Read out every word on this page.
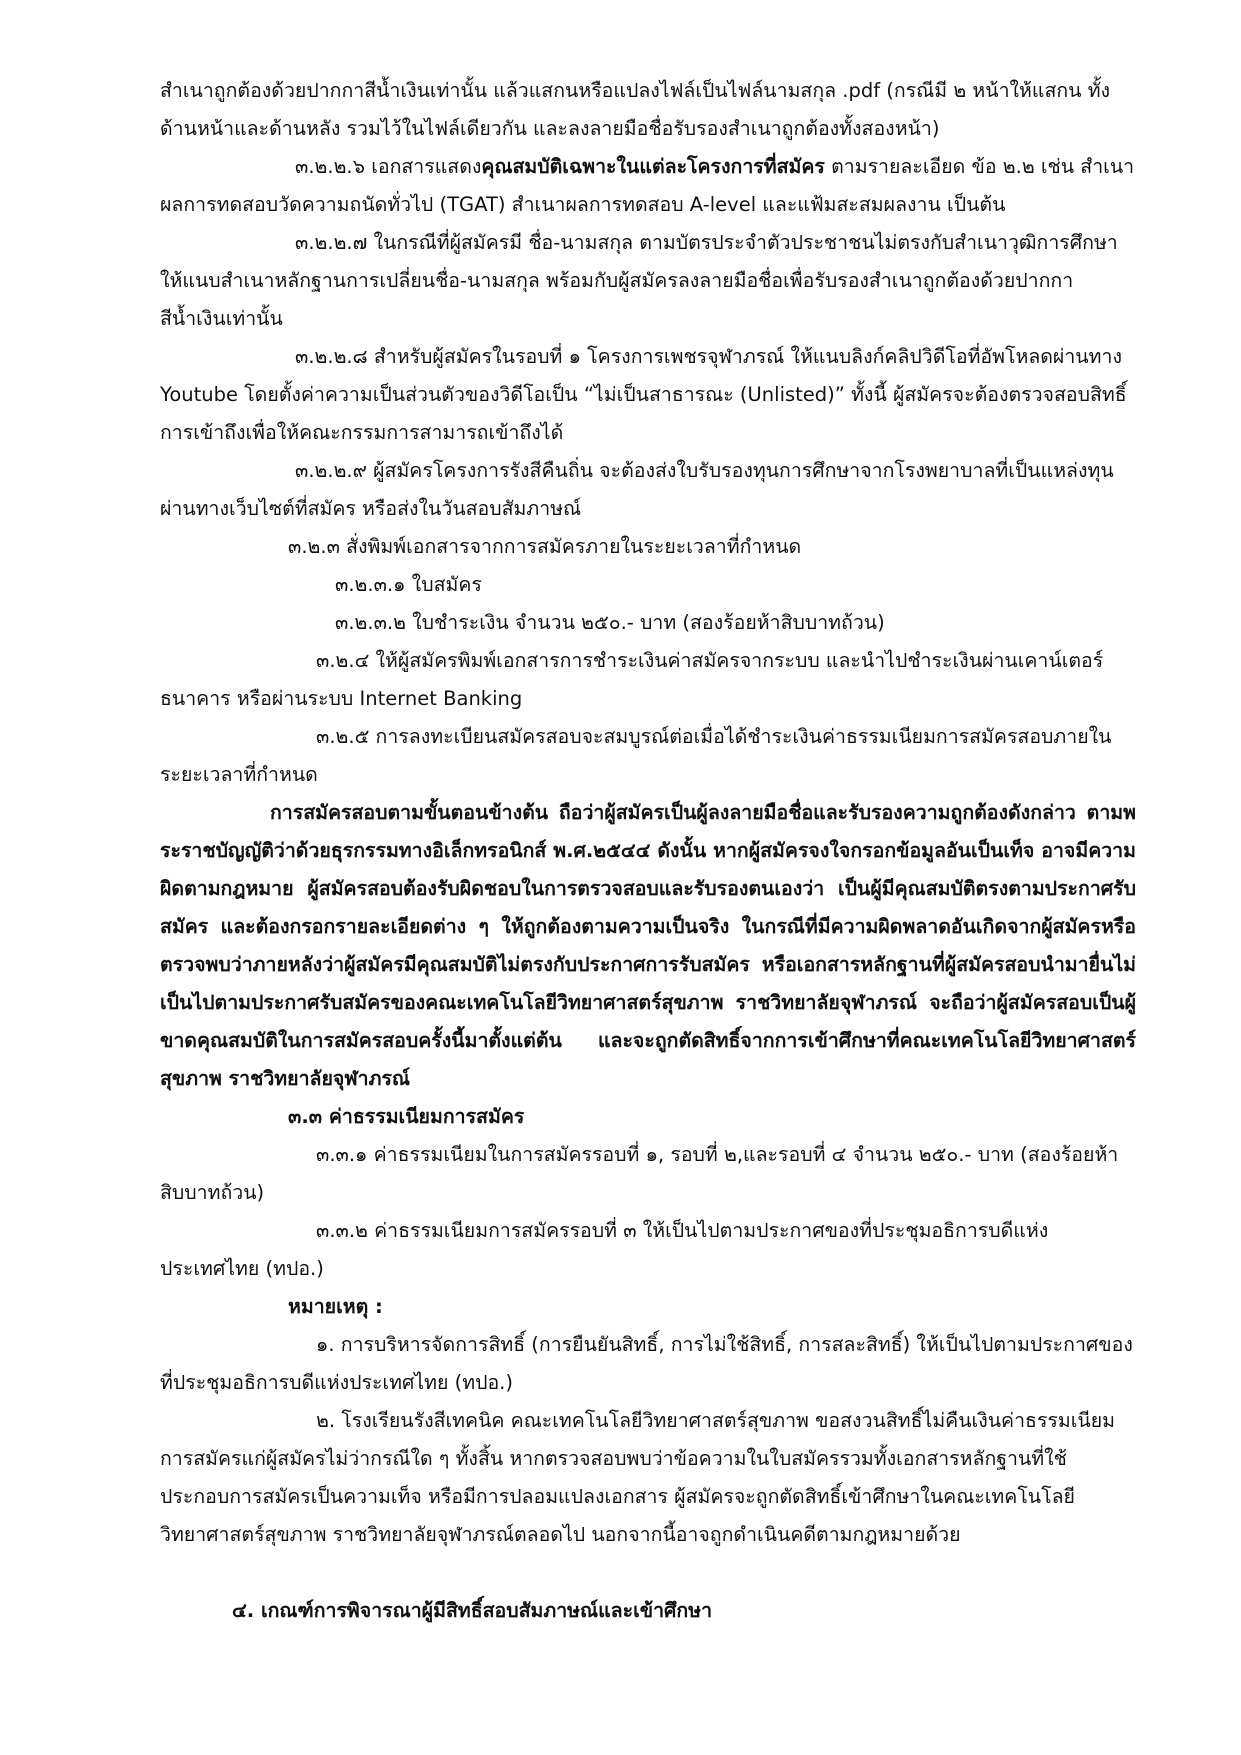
สำเนาถูกต้องด้วยปากกาสีน้ำเงินเท่านั้น แล้วแสกนหรือแปลงไฟล์เป็นไฟล์นามสกุล .pdf (กรณีมี ๒ หน้าให้แสกน ทั้งด้านหน้าและด้านหลัง รวมไว้ในไฟล์เดียวกัน และลงลายมือชื่อรับรองสำเนาถูกต้องทั้งสองหน้า)

๓.๒.๒.๖ เอกสารแสดงคุณสมบัติเฉพาะในแต่ละโครงการที่สมัคร ตามรายละเอียด ข้อ ๒.๒ เช่น สำเนาผลการทดสอบวัดความถนัดทั่วไป (TGAT) สำเนาผลการทดสอบ A-level และแฟ้มสะสมผลงาน เป็นต้น

๓.๒.๒.๗ ในกรณีที่ผู้สมัครมี ชื่อ-นามสกุล ตามบัตรประจำตัวประชาชนไม่ตรงกับสำเนาวุฒิการศึกษา ให้แนบสำเนาหลักฐานการเปลี่ยนชื่อ-นามสกุล พร้อมกับผู้สมัครลงลายมือชื่อเพื่อรับรองสำเนาถูกต้องด้วยปากกาสีน้ำเงินเท่านั้น

๓.๒.๒.๘ สำหรับผู้สมัครในรอบที่ ๑ โครงการเพชรจุฬาภรณ์ ให้แนบลิงก์คลิปวิดีโอที่อัพโหลดผ่านทาง Youtube โดยตั้งค่าความเป็นส่วนตัวของวิดีโอเป็น “ไม่เป็นสาธารณะ (Unlisted)” ทั้งนี้ ผู้สมัครจะต้องตรวจสอบสิทธิ์การเข้าถึงเพื่อให้คณะกรรมการสามารถเข้าถึงได้

๓.๒.๒.๙ ผู้สมัครโครงการรังสีคืนถิ่น จะต้องส่งใบรับรองทุนการศึกษาจากโรงพยาบาลที่เป็นแหล่งทุน ผ่านทางเว็บไซต์ที่สมัคร หรือส่งในวันสอบสัมภาษณ์

๓.๒.๓ สั่งพิมพ์เอกสารจากการสมัครภายในระยะเวลาที่กำหนด

๓.๒.๓.๑ ใบสมัคร

๓.๒.๓.๒ ใบชำระเงิน จำนวน ๒๕๐.- บาท (สองร้อยห้าสิบบาทถ้วน)

๓.๒.๔ ให้ผู้สมัครพิมพ์เอกสารการชำระเงินค่าสมัครจากระบบ และนำไปชำระเงินผ่านเคาน์เตอร์ธนาคาร หรือผ่านระบบ Internet Banking

๓.๒.๕ การลงทะเบียนสมัครสอบจะสมบูรณ์ต่อเมื่อได้ชำระเงินค่าธรรมเนียมการสมัครสอบภายในระยะเวลาที่กำหนด

การสมัครสอบตามขั้นตอนข้างต้น ถือว่าผู้สมัครเป็นผู้ลงลายมือชื่อและรับรองความถูกต้องดังกล่าว ตามพระราชบัญญัติว่าด้วยธุรกรรมทางอิเล็กทรอนิกส์ พ.ศ.๒๕๔๔ ดังนั้น หากผู้สมัครจงใจกรอกข้อมูลอันเป็นเท็จ อาจมีความผิดตามกฎหมาย ผู้สมัครสอบต้องรับผิดชอบในการตรวจสอบและรับรองตนเองว่า เป็นผู้มีคุณสมบัติตรงตามประกาศรับสมัคร และต้องกรอกรายละเอียดต่าง ๆ ให้ถูกต้องตามความเป็นจริง ในกรณีที่มีความผิดพลาดอันเกิดจากผู้สมัครหรือตรวจพบว่าภายหลังว่าผู้สมัครมีคุณสมบัติไม่ตรงกับประกาศการรับสมัคร หรือเอกสารหลักฐานที่ผู้สมัครสอบนำมายื่นไม่เป็นไปตามประกาศรับสมัครของคณะเทคโนโลยีวิทยาศาสตร์สุขภาพ ราชวิทยาลัยจุฬาภรณ์ จะถือว่าผู้สมัครสอบเป็นผู้ขาดคุณสมบัติในการสมัครสอบครั้งนี้มาตั้งแต่ต้น และจะถูกตัดสิทธิ์จากการเข้าศึกษาที่คณะเทคโนโลยีวิทยาศาสตร์สุขภาพ ราชวิทยาลัยจุฬาภรณ์

๓.๓ ค่าธรรมเนียมการสมัคร

๓.๓.๑ ค่าธรรมเนียมในการสมัครรอบที่ ๑, รอบที่ ๒,และรอบที่ ๔ จำนวน ๒๕๐.- บาท (สองร้อยห้าสิบบาทถ้วน)

๓.๓.๒ ค่าธรรมเนียมการสมัครรอบที่ ๓ ให้เป็นไปตามประกาศของที่ประชุมอธิการบดีแห่งประเทศไทย (ทปอ.)

หมายเหตุ :

๑. การบริหารจัดการสิทธิ์ (การยืนยันสิทธิ์, การไม่ใช้สิทธิ์, การสละสิทธิ์) ให้เป็นไปตามประกาศของที่ประชุมอธิการบดีแห่งประเทศไทย (ทปอ.)

๒. โรงเรียนรังสีเทคนิค คณะเทคโนโลยีวิทยาศาสตร์สุขภาพ ขอสงวนสิทธิ์ไม่คืนเงินค่าธรรมเนียมการสมัครแก่ผู้สมัครไม่ว่ากรณีใด ๆ ทั้งสิ้น หากตรวจสอบพบว่าข้อความในใบสมัครรวมทั้งเอกสารหลักฐานที่ใช้ประกอบการสมัครเป็นความเท็จ หรือมีการปลอมแปลงเอกสาร ผู้สมัครจะถูกตัดสิทธิ์เข้าศึกษาในคณะเทคโนโลยีวิทยาศาสตร์สุขภาพ ราชวิทยาลัยจุฬาภรณ์ตลอดไป นอกจากนี้อาจถูกดำเนินคดีตามกฎหมายด้วย

๔. เกณฑ์การพิจารณาผู้มีสิทธิ์สอบสัมภาษณ์และเข้าศึกษา
